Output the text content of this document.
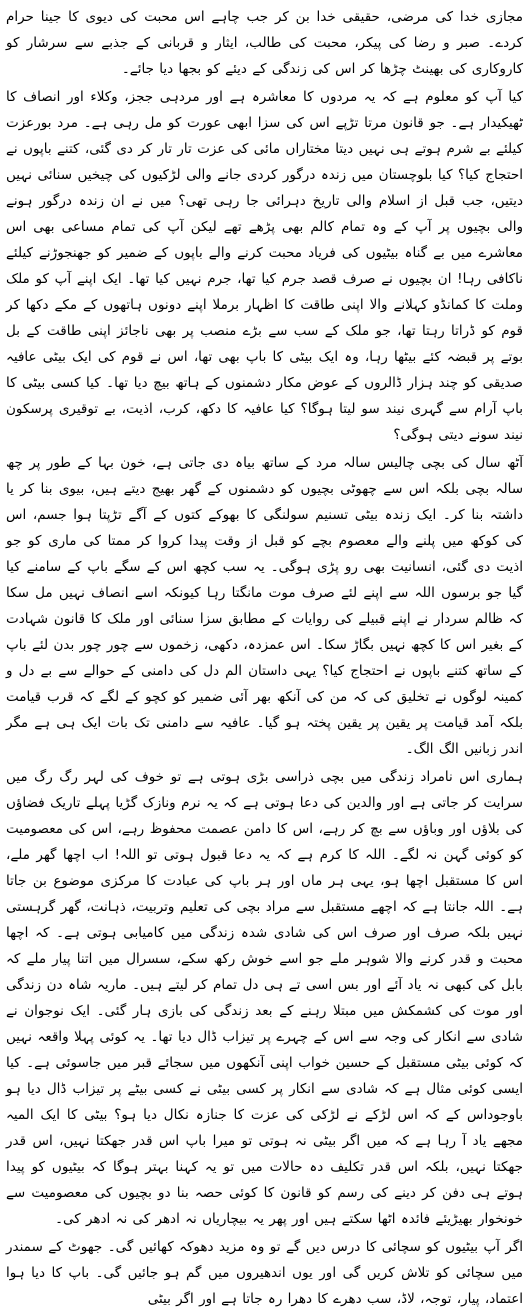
مجازی خدا کی مرضی، حقیقی خدا بن کر جب چاہے اس محبت کی دیوی کا جینا حرام کردے۔ صبر و رضا کی پیکر، محبت کی طالب، ایثار و قربانی کے جذبے سے سرشار کو کاروکاری کی بھینٹ چڑھا کر اس کی زندگی کے دیئے کو بجھا دیا جائے۔

کیا آپ کو معلوم ہے کہ یہ مردوں کا معاشرہ ہے اور مردہی ججز، وکلاء اور انصاف کا ٹھیکیدار ہے۔ جو قانون مرتا تڑپے اس کی سزا ابھی عورت کو مل رہی ہے۔ مرد بورعزت کیلئے بے شرم ہوتے ہی نہیں دیتا مختاراں مائی کی عزت تار تار کر دی گئی، کتنے باپوں نے احتجاج کیا؟ کیا بلوچستان میں زندہ درگور کردی جانے والی لڑکیوں کی چیخیں سنائی نہیں دیتیں، جب قبل از اسلام والی تاریخ دہرائی جا رہی تھی؟ میں نے ان زندہ درگور ہونے والی بچیوں پر آپ کے وہ تمام کالم بھی پڑھے تھے لیکن آپ کی تمام مساعی بھی اس معاشرے میں بے گناہ بیٹیوں کی فریاد محبت کرنے والے باپوں کے ضمیر کو جھنجوڑنے کیلئے ناکافی رہا! ان بچیوں نے صرف قصد جرم کیا تھا، جرم نہیں کیا تھا۔ ایک اپنے آپ کو ملک وملت کا کمانڈو کہلانے والا اپنی طاقت کا اظہار برملا اپنے دونوں ہاتھوں کے مکے دکھا کر قوم کو ڈراتا رہتا تھا، جو ملک کے سب سے بڑے منصب پر بھی ناجائز اپنی طاقت کے بل بوتے پر قبضہ کئے بیٹھا رہا، وہ ایک بیٹی کا باپ بھی تھا، اس نے قوم کی ایک بیٹی عافیہ صدیقی کو چند ہزار ڈالروں کے عوض مکار دشمنوں کے ہاتھ بیچ دیا تھا۔ کیا کسی بیٹی کا باپ آرام سے گہری نیند سو لیتا ہوگا؟ کیا عافیہ کا دکھ، کرب، اذیت، بے توقیری پرسکون نیند سونے دیتی ہوگی؟

آٹھ سال کی بچی چالیس سالہ مرد کے ساتھ بیاہ دی جاتی ہے، خون بہا کے طور پر چھ سالہ بچی بلکہ اس سے چھوٹی بچیوں کو دشمنوں کے گھر بھیج دیتے ہیں، بیوی بنا کر یا داشتہ بنا کر۔ ایک زندہ بیٹی تسنیم سولنگی کا بھوکے کتوں کے آگے تڑپتا ہوا جسم، اس کی کوکھ میں پلنے والے معصوم بچے کو قبل از وقت پیدا کروا کر ممتا کی ماری کو جو اذیت دی گئی، انسانیت بھی رو پڑی ہوگی۔ یہ سب کچھ اس کے سگے باپ کے سامنے کیا گیا جو برسوں اللہ سے اپنے لئے صرف موت مانگتا رہا کیونکہ اسے انصاف نہیں مل سکا کہ ظالم سردار نے اپنے قبیلے کی روایات کے مطابق سزا سنائی اور ملک کا قانون شہادت کے بغیر اس کا کچھ نہیں بگاڑ سکا۔ اس عمزدہ، دکھی، زخموں سے چور چور بدن لئے باپ کے ساتھ کتنے باپوں نے احتجاج کیا؟ یہی داستان الم دل کی دامنی کے حوالے سے بے دل و کمینہ لوگوں نے تخلیق کی کہ من کی آنکھ بھر آئی ضمیر کو کچو کے لگے کہ قرب قیامت بلکہ آمد قیامت پر یقین پر یقین پختہ ہو گیا۔ عافیہ سے دامنی تک بات ایک ہی ہے مگر اندر زبانیں الگ الگ۔

ہماری اس نامراد زندگی میں بچی ذراسی بڑی ہوتی ہے تو خوف کی لہر رگ رگ میں سرایت کر جاتی ہے اور والدین کی دعا ہوتی ہے کہ یہ نرم ونازک گڑیا پہلے تاریک فضاؤں کی بلاؤں اور وباؤں سے بچ کر رہے، اس کا دامن عصمت محفوظ رہے، اس کی معصومیت کو کوئی گہن نہ لگے۔ اللہ کا کرم ہے کہ یہ دعا قبول ہوتی تو اللہ! اب اچھا گھر ملے، اس کا مستقبل اچھا ہو، یہی ہر ماں اور ہر باپ کی عبادت کا مرکزی موضوع بن جاتا ہے۔ اللہ جانتا ہے کہ اچھے مستقبل سے مراد بچی کی تعلیم وتربیت، ذہانت، گھر گرہستی نہیں بلکہ صرف اور صرف اس کی شادی شدہ زندگی میں کامیابی ہوتی ہے۔ کہ اچھا محبت و قدر کرنے والا شوہر ملے جو اسے خوش رکھ سکے، سسرال میں اتنا پیار ملے کہ بابل کی کبھی نہ یاد آئے اور بس اسی تے ہی دل تمام کر لیتے ہیں۔ ماریہ شاہ دن زندگی اور موت کی کشمکش میں مبتلا رہنے کے بعد زندگی کی بازی ہار گئی۔ ایک نوجوان نے شادی سے انکار کی وجہ سے اس کے چہرے پر تیزاب ڈال دیا تھا۔ یہ کوئی پہلا واقعہ نہیں کہ کوئی بیٹی مستقبل کے حسین خواب اپنی آنکھوں میں سجائے قبر میں جاسوئی ہے۔ کیا ایسی کوئی مثال ہے کہ شادی سے انکار پر کسی بیٹی نے کسی بیٹے پر تیزاب ڈال دیا ہو باوجوداس کے کہ اس لڑکے نے لڑکی کی عزت کا جنازہ نکال دیا ہو؟ بیٹی کا ایک المیہ مجھے یاد آ رہا ہے کہ میں اگر بیٹی نہ ہوتی تو میرا باپ اس قدر جھکتا نہیں، اس قدر جھکتا نہیں، بلکہ اس قدر تکلیف دہ حالات میں تو یہ کہنا بہتر ہوگا کہ بیٹیوں کو پیدا ہوتے ہی دفن کر دینے کی رسم کو قانون کا کوئی حصہ بنا دو بچیوں کی معصومیت سے خونخوار بھیڑیئے فائدہ اٹھا سکتے ہیں اور پھر یہ بیچاریاں نہ ادھر کی نہ ادھر کی۔

اگر آپ بیٹیوں کو سچائی کا درس دیں گے تو وہ مزید دھوکہ کھائیں گی۔ جھوٹ کے سمندر میں سچائی کو تلاش کریں گی اور یوں اندھیروں میں گم ہو جائیں گی۔ باپ کا دیا ہوا اعتماد، پیار، توجہ، لاڈ، سب دھرے کا دھرا رہ جاتا ہے اور اگر بیٹی
